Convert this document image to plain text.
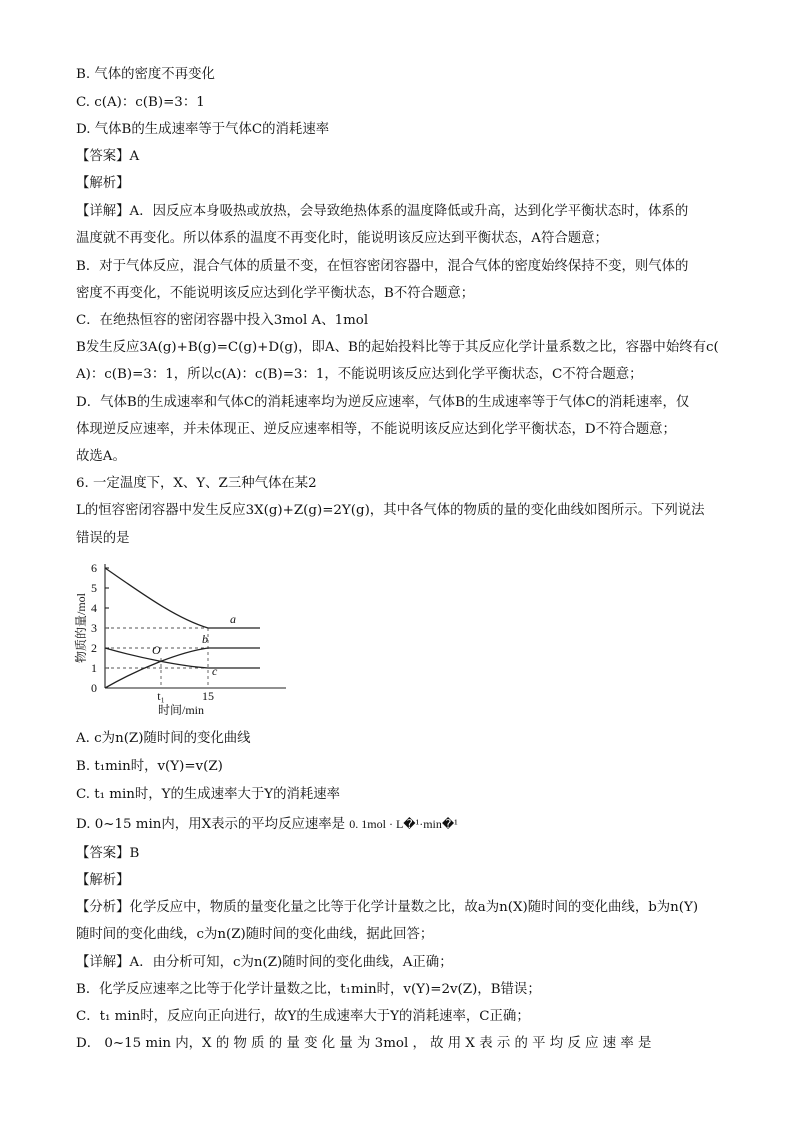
B. 气体的密度不再变化
C. c(A)：c(B)=3：1
D. 气体B的生成速率等于气体C的消耗速率
【答案】A
【解析】
【详解】A．因反应本身吸热或放热，会导致绝热体系的温度降低或升高，达到化学平衡状态时，体系的
温度就不再变化。所以体系的温度不再变化时，能说明该反应达到平衡状态，A符合题意；
B．对于气体反应，混合气体的质量不变，在恒容密闭容器中，混合气体的密度始终保持不变，则气体的
密度不再变化，不能说明该反应达到化学平衡状态，B不符合题意；
C．在绝热恒容的密闭容器中投入3mol A、1mol
B发生反应3A(g)+B(g)=C(g)+D(g)，即A、B的起始投料比等于其反应化学计量系数之比，容器中始终有c(
A)：c(B)=3：1，所以c(A)：c(B)=3：1，不能说明该反应达到化学平衡状态，C不符合题意；
D．气体B的生成速率和气体C的消耗速率均为逆反应速率，气体B的生成速率等于气体C的消耗速率，仅
体现逆反应速率，并未体现正、逆反应速率相等，不能说明该反应达到化学平衡状态，D不符合题意；
故选A。
6. 一定温度下，X、Y、Z三种气体在某2
L的恒容密闭容器中发生反应3X(g)+Z(g)=2Y(g)，其中各气体的物质的量的变化曲线如图所示。下列说法
错误的是
6
5
4
3
2
1
0
t₁	15
a
b
c
O
时间/min
物质的量/mol
A. c为n(Z)随时间的变化曲线
B. t₁min时，v(Y)=v(Z)
C. t₁ min时，Y的生成速率大于Y的消耗速率
D. 0~15 min内，用X表示的平均反应速率是 0. 1mol · L�¹·min�¹
【答案】B
【解析】
【分析】化学反应中，物质的量变化量之比等于化学计量数之比，故a为n(X)随时间的变化曲线，b为n(Y)
随时间的变化曲线，c为n(Z)随时间的变化曲线，据此回答；
【详解】A．由分析可知，c为n(Z)随时间的变化曲线，A正确；
B．化学反应速率之比等于化学计量数之比，t₁min时，v(Y)=2v(Z)，B错误；
C．t₁ min时，反应向正向进行，故Y的生成速率大于Y的消耗速率，C正确；
D． 0~15 min 内，X 的 物 质 的 量 变 化 量 为 3mol ， 故 用 X 表 示 的 平 均 反 应 速 率 是
